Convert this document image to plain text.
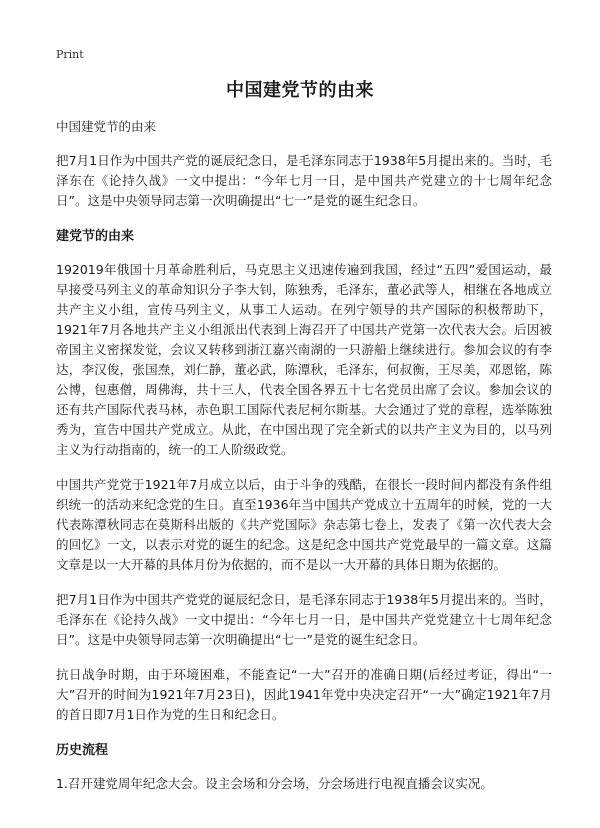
Print
中国建党节的由来

中国建党节的由来

把7月1日作为中国共产党的诞辰纪念日，是毛泽东同志于1938年5月提出来的。当时，毛泽东在《论持久战》一文中提出：“今年七月一日，是中国共产党建立的十七周年纪念日”。这是中央领导同志第一次明确提出“七一”是党的诞生纪念日。

建党节的由来

192019年俄国十月革命胜利后，马克思主义迅速传遍到我国，经过“五四”爱国运动，最早接受马列主义的革命知识分子李大钊，陈独秀，毛泽东，董必武等人，相继在各地成立共产主义小组，宣传马列主义，从事工人运动。在列宁领导的共产国际的积极帮助下，1921年7月各地共产主义小组派出代表到上海召开了中国共产党第一次代表大会。后因被帝国主义密探发觉，会议又转移到浙江嘉兴南湖的一只游船上继续进行。参加会议的有李达，李汉俊，张国焘，刘仁静，董必武，陈潭秋，毛泽东，何叔衡，王尽美，邓恩铭，陈公博，包惠僧，周佛海，共十三人，代表全国各界五十七名党员出席了会议。参加会议的还有共产国际代表马林，赤色职工国际代表尼柯尔斯基。大会通过了党的章程，选举陈独秀为，宣告中国共产党成立。从此，在中国出现了完全新式的以共产主义为目的，以马列主义为行动指南的，统一的工人阶级政党。

中国共产党党于1921年7月成立以后，由于斗争的残酷，在很长一段时间内都没有条件组织统一的活动来纪念党的生日。直至1936年当中国共产党成立十五周年的时候，党的一大代表陈潭秋同志在莫斯科出版的《共产党国际》杂志第七卷上，发表了《第一次代表大会的回忆》一文，以表示对党的诞生的纪念。这是纪念中国共产党党最早的一篇文章。这篇文章是以一大开幕的具体月份为依据的，而不是以一大开幕的具体日期为依据的。

把7月1日作为中国共产党党的诞辰纪念日，是毛泽东同志于1938年5月提出来的。当时，毛泽东在《论持久战》一文中提出：“今年七月一日，是中国共产党党建立十七周年纪念日”。这是中央领导同志第一次明确提出“七一”是党的诞生纪念日。

抗日战争时期，由于环境困难，不能查记“一大”召开的准确日期(后经过考证，得出“一大”召开的时间为1921年7月23日)，因此1941年党中央决定召开“一大”确定1921年7月的首日即7月1日作为党的生日和纪念日。

历史流程

1.召开建党周年纪念大会。设主会场和分会场，分会场进行电视直播会议实况。
